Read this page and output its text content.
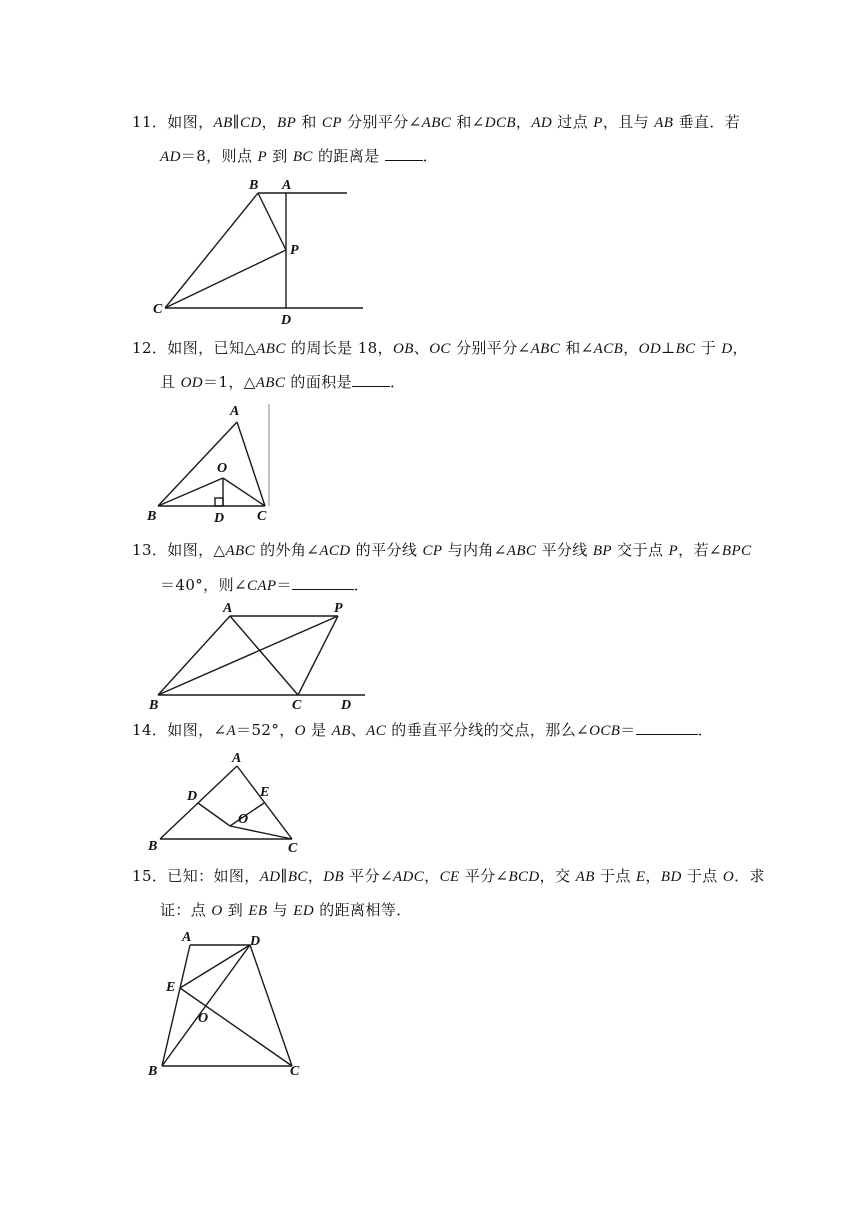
11．如图，AB∥CD，BP 和 CP 分别平分∠ABC 和∠DCB，AD 过点 P，且与 AB 垂直．若
AD＝8，则点 P 到 BC 的距离是	．
B A
P
C
D
12．如图，已知△ABC 的周长是 18，OB、OC 分别平分∠ABC 和∠ACB，OD⊥BC 于 D，
且 OD＝1，△ABC 的面积是	．
A
O
B	D C
13．如图，△ABC 的外角∠ACD 的平分线 CP 与内角∠ABC 平分线 BP 交于点 P，若∠BPC
＝40°，则∠CAP＝	．
A	P
B	C	D
14．如图，∠A＝52°，O 是 AB、AC 的垂直平分线的交点，那么∠OCB＝	．
A
D	E
O
B	C
15．已知：如图，AD∥BC，DB 平分∠ADC，CE 平分∠BCD，交 AB 于点 E，BD 于点 O．求
证：点 O 到 EB 与 ED 的距离相等．
A	D
E
O
B	C
